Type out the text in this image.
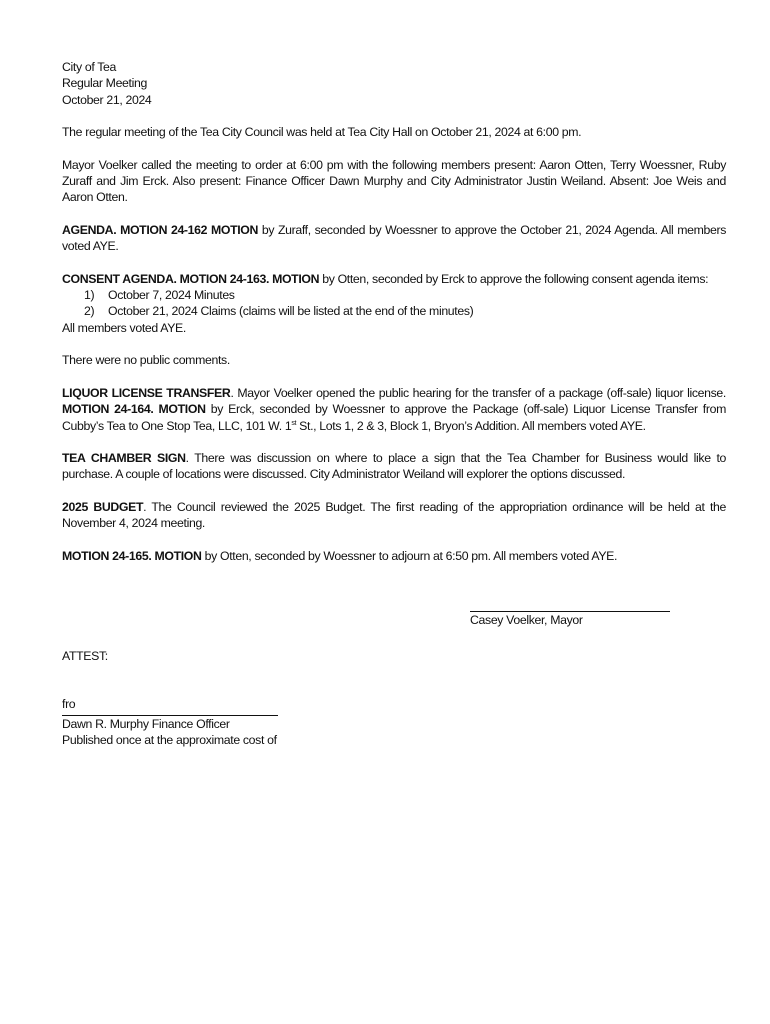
City of Tea
Regular Meeting
October 21, 2024

The regular meeting of the Tea City Council was held at Tea City Hall on October 21, 2024 at 6:00 pm.

Mayor Voelker called the meeting to order at 6:00 pm with the following members present: Aaron Otten, Terry Woessner, Ruby Zuraff and Jim Erck. Also present: Finance Officer Dawn Murphy and City Administrator Justin Weiland. Absent: Joe Weis and Aaron Otten.

AGENDA. MOTION 24-162 MOTION by Zuraff, seconded by Woessner to approve the October 21, 2024 Agenda. All members voted AYE.

CONSENT AGENDA. MOTION 24-163. MOTION by Otten, seconded by Erck to approve the following consent agenda items:

1) October 7, 2024 Minutes
2) October 21, 2024 Claims (claims will be listed at the end of the minutes)
All members voted AYE.

There were no public comments.

LIQUOR LICENSE TRANSFER. Mayor Voelker opened the public hearing for the transfer of a package (off-sale) liquor license. MOTION 24-164. MOTION by Erck, seconded by Woessner to approve the Package (off-sale) Liquor License Transfer from Cubby’s Tea to One Stop Tea, LLC, 101 W. 1st St., Lots 1, 2 & 3, Block 1, Bryon’s Addition. All members voted AYE.

TEA CHAMBER SIGN. There was discussion on where to place a sign that the Tea Chamber for Business would like to purchase. A couple of locations were discussed. City Administrator Weiland will explorer the options discussed.

2025 BUDGET. The Council reviewed the 2025 Budget. The first reading of the appropriation ordinance will be held at the November 4, 2024 meeting.

MOTION 24-165. MOTION by Otten, seconded by Woessner to adjourn at 6:50 pm. All members voted AYE.

Casey Voelker, Mayor
ATTEST:
fro
Dawn R. Murphy Finance Officer
Published once at the approximate cost of
